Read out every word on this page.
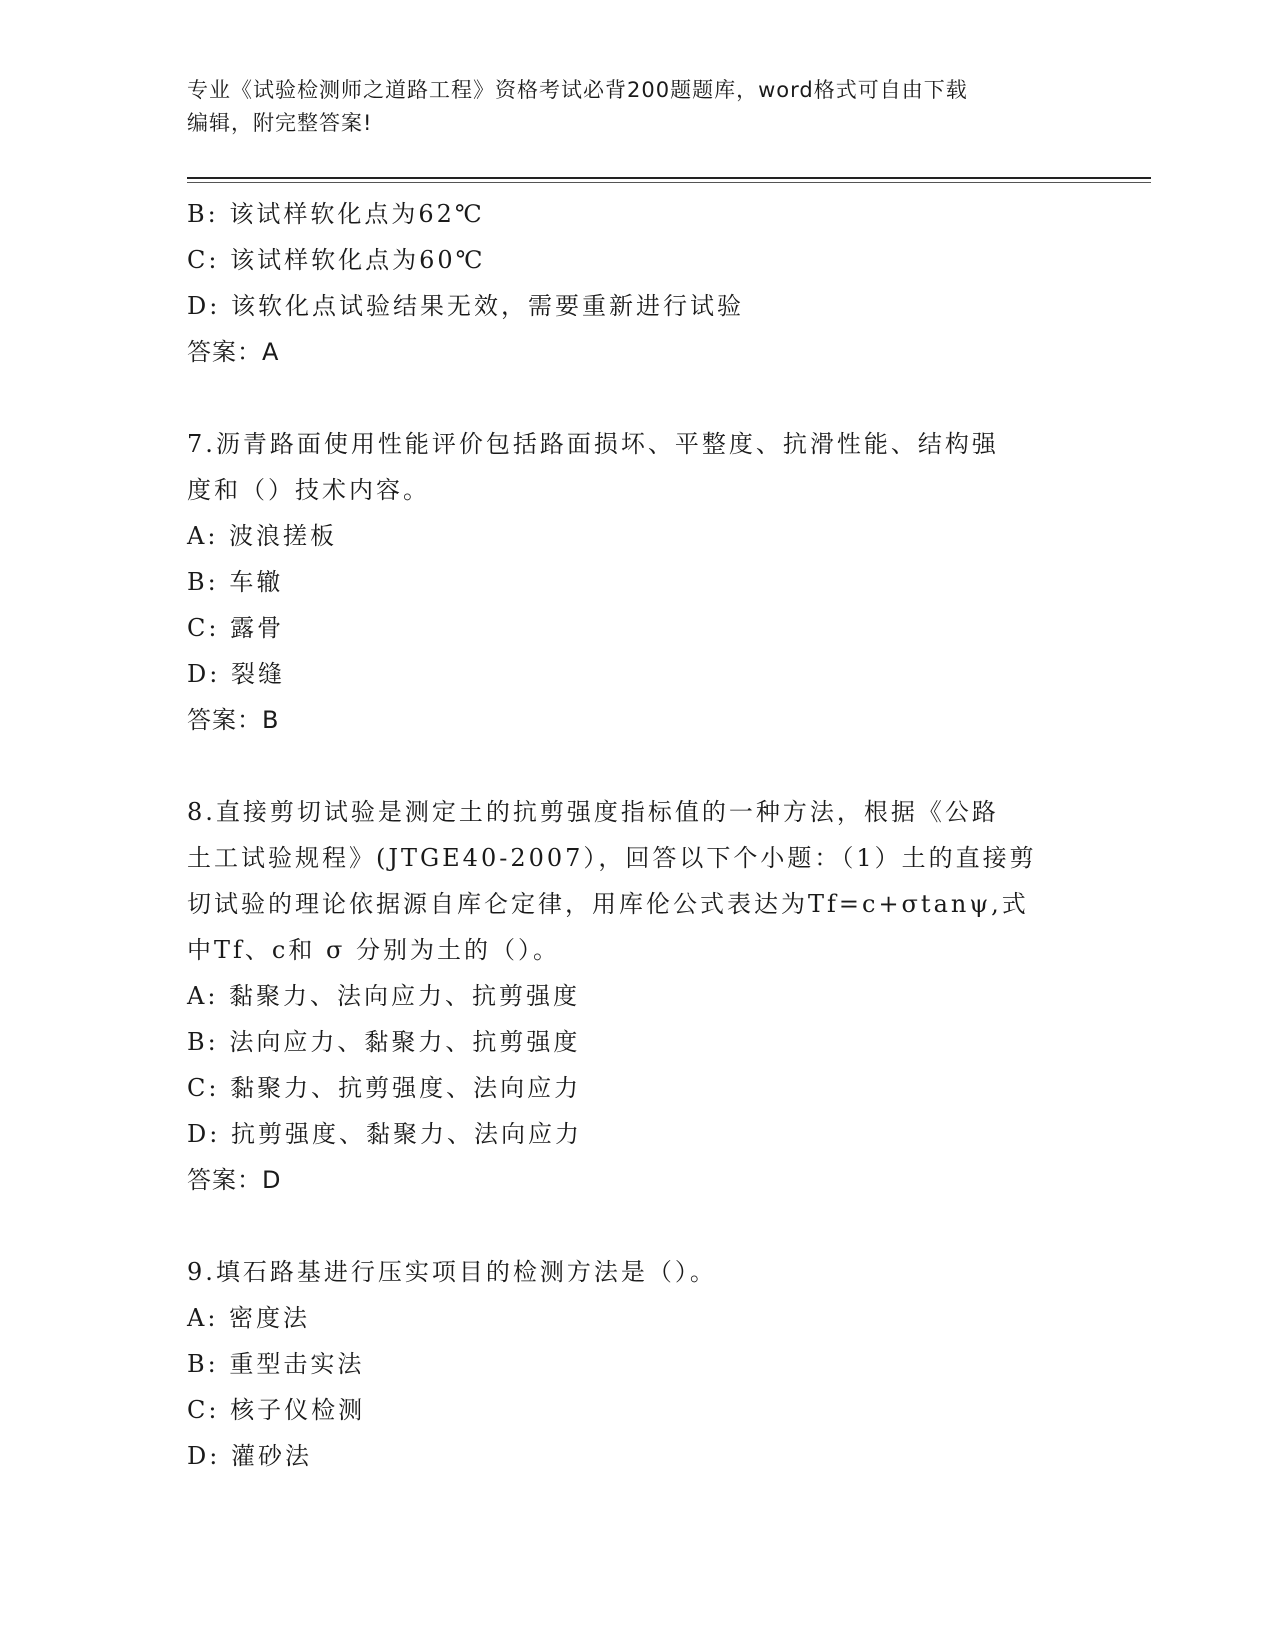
专业《试验检测师之道路工程》资格考试必背200题题库，word格式可自由下载
编辑，附完整答案!
B: 该试样软化点为62℃
C: 该试样软化点为60℃
D: 该软化点试验结果无效，需要重新进行试验
答案：A
7.沥青路面使用性能评价包括路面损坏、平整度、抗滑性能、结构强
度和（）技术内容。
A: 波浪搓板
B: 车辙
C: 露骨
D: 裂缝
答案：B
8.直接剪切试验是测定土的抗剪强度指标值的一种方法，根据《公路
土工试验规程》(JTGE40-2007），回答以下个小题：（1）土的直接剪
切试验的理论依据源自库仑定律，用库伦公式表达为Tf=c+σtanψ,式
中Tf、c和 σ 分别为土的（）。
A: 黏聚力、法向应力、抗剪强度
B: 法向应力、黏聚力、抗剪强度
C: 黏聚力、抗剪强度、法向应力
D: 抗剪强度、黏聚力、法向应力
答案：D
9.填石路基进行压实项目的检测方法是（）。
A: 密度法
B: 重型击实法
C: 核子仪检测
D: 灌砂法
